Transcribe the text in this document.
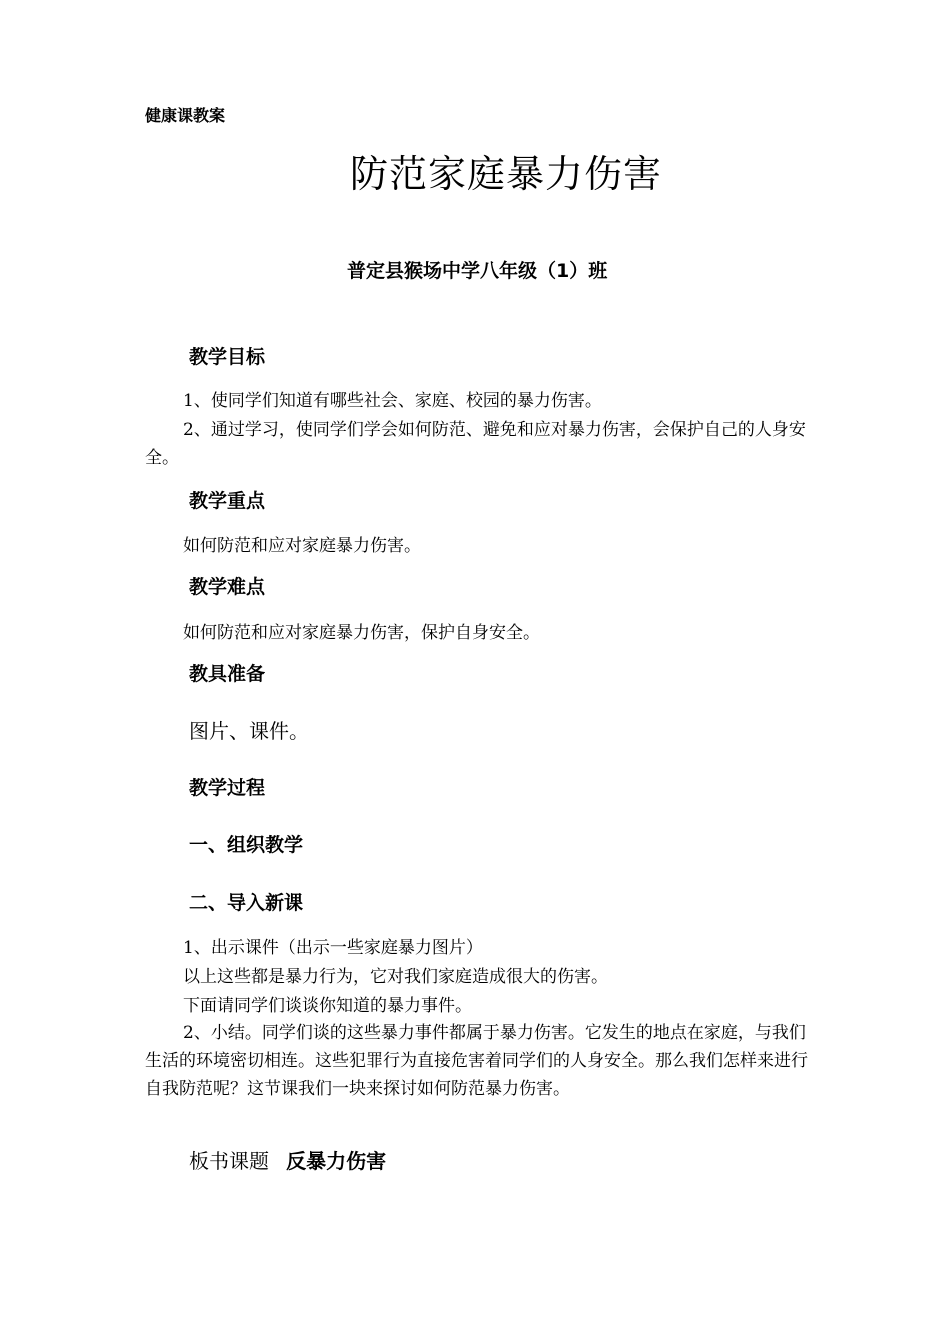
健康课教案
防范家庭暴力伤害
普定县猴场中学八年级（1）班
教学目标

1、使同学们知道有哪些社会、家庭、校园的暴力伤害。

2、通过学习，使同学们学会如何防范、避免和应对暴力伤害，会保护自己的人身安全。

教学重点
如何防范和应对家庭暴力伤害。
教学难点
如何防范和应对家庭暴力伤害，保护自身安全。
教具准备
图片、课件。
教学过程
一、组织教学
二、导入新课
1、出示课件（出示一些家庭暴力图片）
以上这些都是暴力行为，它对我们家庭造成很大的伤害。
下面请同学们谈谈你知道的暴力事件。

2、小结。同学们谈的这些暴力事件都属于暴力伤害。它发生的地点在家庭，与我们生活的环境密切相连。这些犯罪行为直接危害着同学们的人身安全。那么我们怎样来进行自我防范呢？这节课我们一块来探讨如何防范暴力伤害。

板书课题 反暴力伤害
